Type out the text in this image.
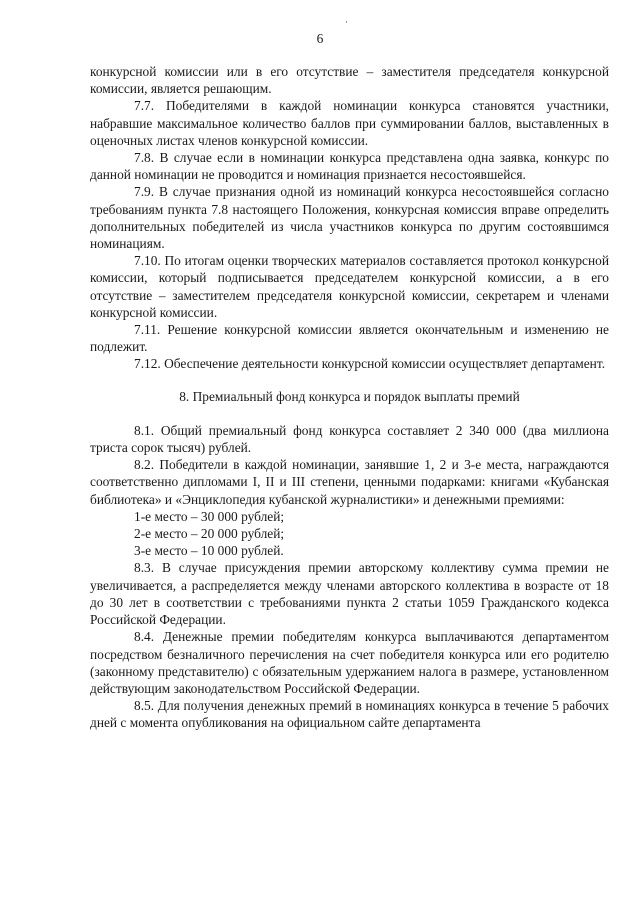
·
6

конкурсной комиссии или в его отсутствие – заместителя председателя конкурсной комиссии, является решающим.

7.7. Победителями в каждой номинации конкурса становятся участники, набравшие максимальное количество баллов при суммировании баллов, выставленных в оценочных листах членов конкурсной комиссии.

7.8. В случае если в номинации конкурса представлена одна заявка, конкурс по данной номинации не проводится и номинация признается несостоявшейся.

7.9. В случае признания одной из номинаций конкурса несостоявшейся согласно требованиям пункта 7.8 настоящего Положения, конкурсная комиссия вправе определить дополнительных победителей из числа участников конкурса по другим состоявшимся номинациям.

7.10. По итогам оценки творческих материалов составляется протокол конкурсной комиссии, который подписывается председателем конкурсной комиссии, а в его отсутствие – заместителем председателя конкурсной комиссии, секретарем и членами конкурсной комиссии.

7.11. Решение конкурсной комиссии является окончательным и изменению не подлежит.

7.12. Обеспечение деятельности конкурсной комиссии осуществляет департамент.

8. Премиальный фонд конкурса и порядок выплаты премий

8.1. Общий премиальный фонд конкурса составляет 2 340 000 (два миллиона триста сорок тысяч) рублей.

8.2. Победители в каждой номинации, занявшие 1, 2 и 3-е места, награждаются соответственно дипломами I, II и III степени, ценными подарками: книгами «Кубанская библиотека» и «Энциклопедия кубанской журналистики» и денежными премиями:

1-е место – 30 000 рублей;

2-е место – 20 000 рублей;

3-е место – 10 000 рублей.

8.3. В случае присуждения премии авторскому коллективу сумма премии не увеличивается, а распределяется между членами авторского коллектива в возрасте от 18 до 30 лет в соответствии с требованиями пункта 2 статьи 1059 Гражданского кодекса Российской Федерации.

8.4. Денежные премии победителям конкурса выплачиваются департаментом посредством безналичного перечисления на счет победителя конкурса или его родителю (законному представителю) с обязательным удержанием налога в размере, установленном действующим законодательством Российской Федерации.

8.5. Для получения денежных премий в номинациях конкурса в течение 5 рабочих дней с момента опубликования на официальном сайте департамента
